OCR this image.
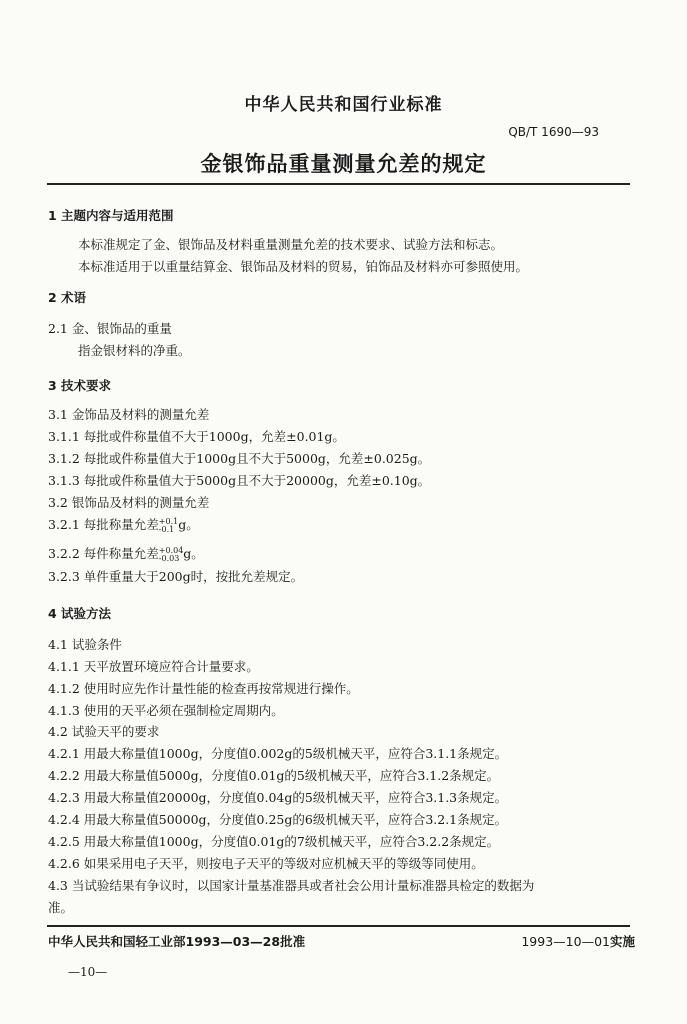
中华人民共和国行业标准
QB/T 1690—93
金银饰品重量测量允差的规定
1 主题内容与适用范围
本标准规定了金、银饰品及材料重量测量允差的技术要求、试验方法和标志。
本标准适用于以重量结算金、银饰品及材料的贸易，铂饰品及材料亦可参照使用。
2 术语
2.1 金、银饰品的重量
指金银材料的净重。
3 技术要求
3.1 金饰品及材料的测量允差
3.1.1 每批或件称量值不大于1000g，允差±0.01g。
3.1.2 每批或件称量值大于1000g且不大于5000g，允差±0.025g。
3.1.3 每批或件称量值大于5000g且不大于20000g，允差±0.10g。
3.2 银饰品及材料的测量允差
3.2.1 每批称量允差+0.1
-0.1 g。
3.2.2 每件称量允差+0.04
-0.03 g。
3.2.3 单件重量大于200g时，按批允差规定。
4 试验方法
4.1 试验条件
4.1.1 天平放置环境应符合计量要求。
4.1.2 使用时应先作计量性能的检查再按常规进行操作。
4.1.3 使用的天平必须在强制检定周期内。
4.2 试验天平的要求
4.2.1 用最大称量值1000g，分度值0.002g的5级机械天平，应符合3.1.1条规定。
4.2.2 用最大称量值5000g，分度值0.01g的5级机械天平，应符合3.1.2条规定。
4.2.3 用最大称量值20000g，分度值0.04g的5级机械天平，应符合3.1.3条规定。
4.2.4 用最大称量值50000g，分度值0.25g的6级机械天平，应符合3.2.1条规定。
4.2.5 用最大称量值1000g，分度值0.01g的7级机械天平，应符合3.2.2条规定。
4.2.6 如果采用电子天平，则按电子天平的等级对应机械天平的等级等同使用。
4.3 当试验结果有争议时，以国家计量基准器具或者社会公用计量标准器具检定的数据为
准。
中华人民共和国轻工业部1993—03—28批准	1993—10—01实施
—10—
